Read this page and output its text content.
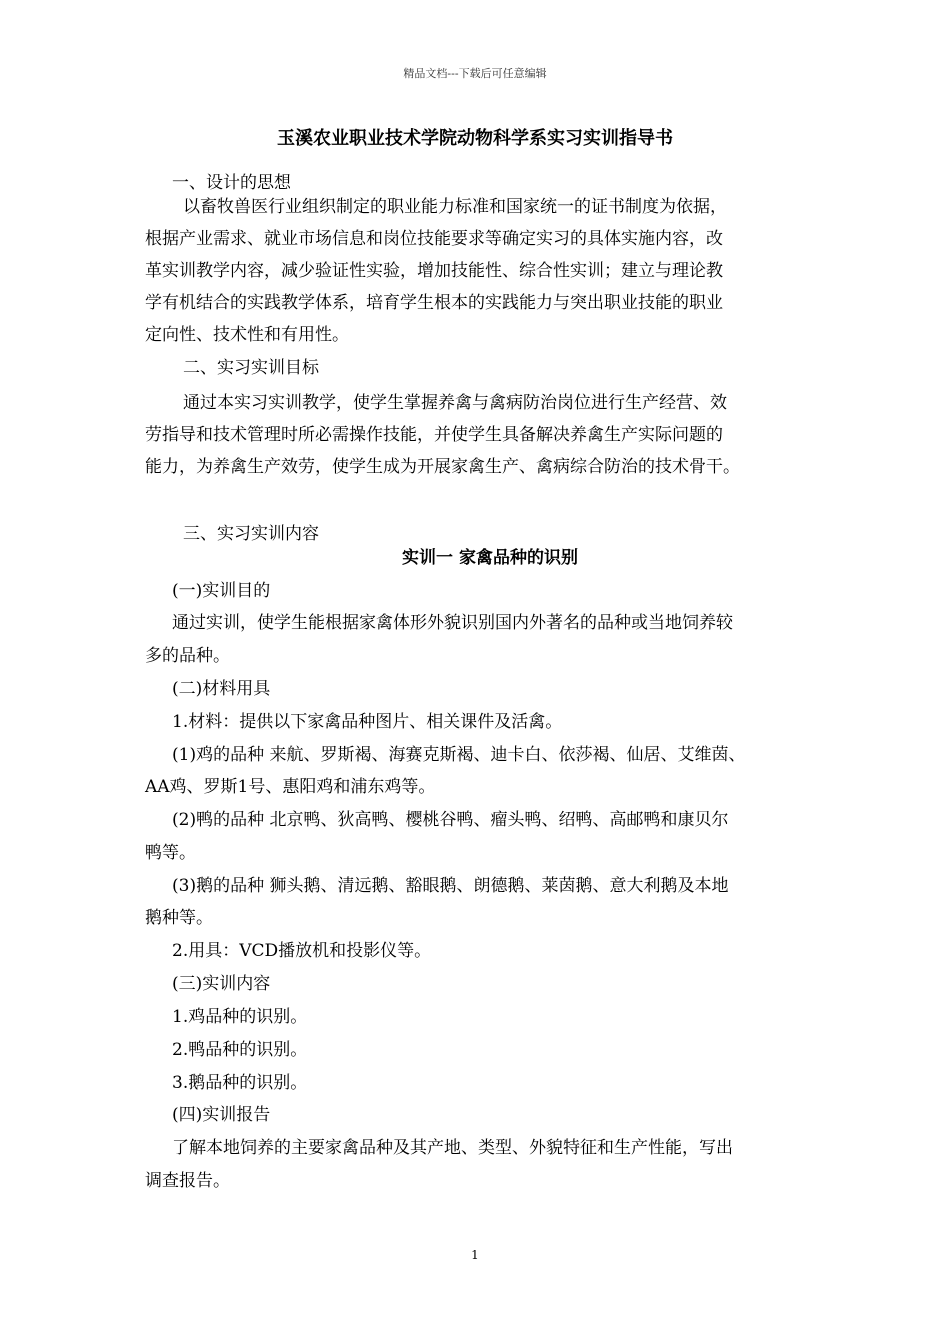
精品文档---下载后可任意编辑
玉溪农业职业技术学院动物科学系实习实训指导书
一、设计的思想
以畜牧兽医行业组织制定的职业能力标准和国家统一的证书制度为依据，
根据产业需求、就业市场信息和岗位技能要求等确定实习的具体实施内容，改
革实训教学内容，减少验证性实验，增加技能性、综合性实训；建立与理论教
学有机结合的实践教学体系，培育学生根本的实践能力与突出职业技能的职业
定向性、技术性和有用性。
二、实习实训目标
通过本实习实训教学，使学生掌握养禽与禽病防治岗位进行生产经营、效
劳指导和技术管理时所必需操作技能，并使学生具备解决养禽生产实际问题的
能力，为养禽生产效劳，使学生成为开展家禽生产、禽病综合防治的技术骨干。
三、实习实训内容
实训一 家禽品种的识别
(一)实训目的
通过实训，使学生能根据家禽体形外貌识别国内外著名的品种或当地饲养较
多的品种。
(二)材料用具
1.材料：提供以下家禽品种图片、相关课件及活禽。
(1)鸡的品种 来航、罗斯褐、海赛克斯褐、迪卡白、依莎褐、仙居、艾维茵、
AA鸡、罗斯1号、惠阳鸡和浦东鸡等。
(2)鸭的品种 北京鸭、狄高鸭、樱桃谷鸭、瘤头鸭、绍鸭、高邮鸭和康贝尔
鸭等。
(3)鹅的品种 狮头鹅、清远鹅、豁眼鹅、朗德鹅、莱茵鹅、意大利鹅及本地
鹅种等。
2.用具：VCD播放机和投影仪等。
(三)实训内容
1.鸡品种的识别。
2.鸭品种的识别。
3.鹅品种的识别。
(四)实训报告
了解本地饲养的主要家禽品种及其产地、类型、外貌特征和生产性能，写出
调查报告。
1
